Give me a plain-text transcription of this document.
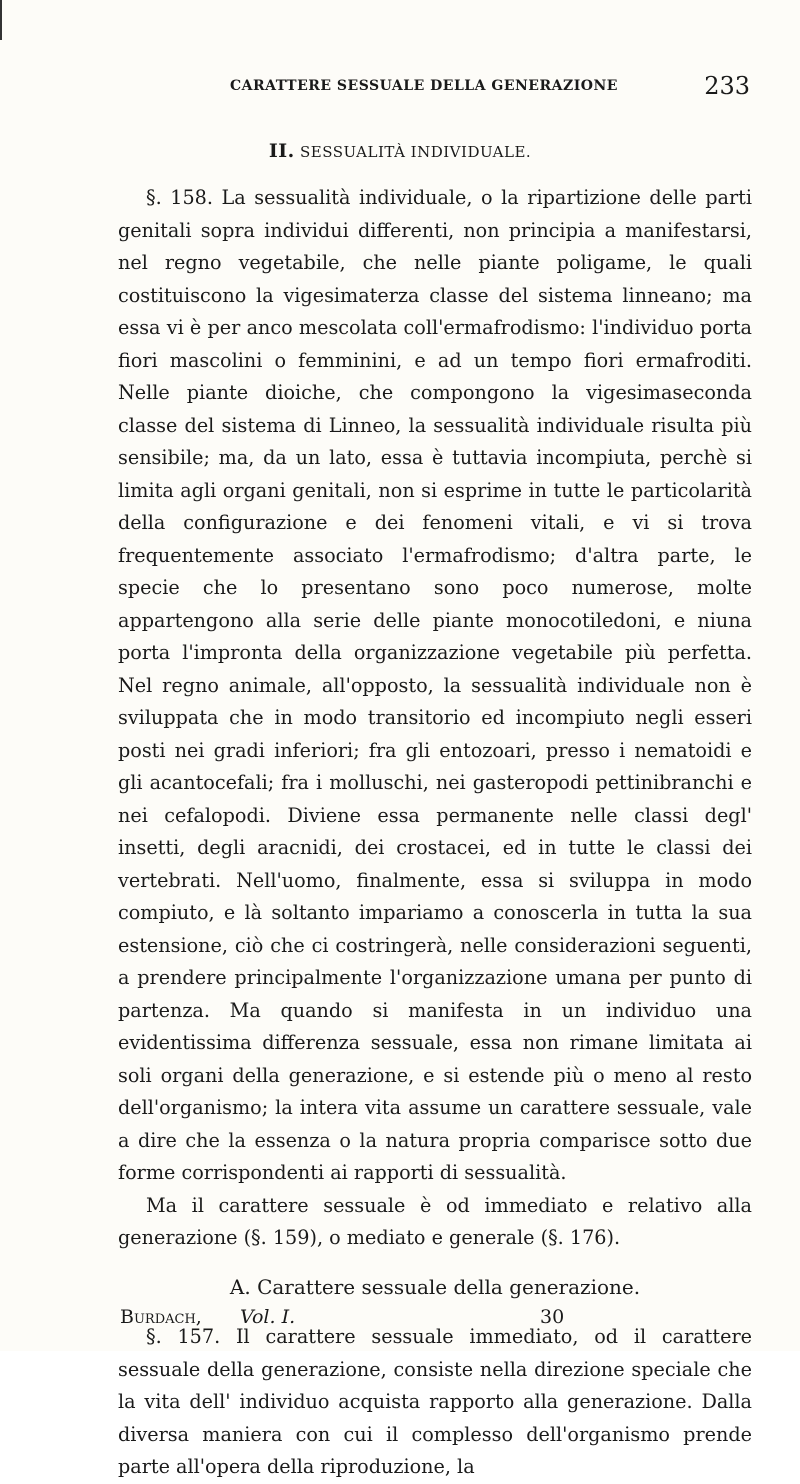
CARATTERE SESSUALE DELLA GENERAZIONE	233
II. SESSUALITÀ INDIVIDUALE.

§. 158. La sessualità individuale, o la ripartizione delle parti genitali sopra individui differenti, non principia a manifestarsi, nel regno vegetabile, che nelle piante poligame, le quali costituiscono la vigesimaterza classe del sistema linneano; ma essa vi è per anco mescolata coll'ermafrodismo: l'individuo porta fiori mascolini o femminini, e ad un tempo fiori ermafroditi. Nelle piante dioiche, che compongono la vigesimaseconda classe del sistema di Linneo, la sessualità individuale risulta più sensibile; ma, da un lato, essa è tuttavia incompiuta, perchè si limita agli organi genitali, non si esprime in tutte le particolarità della configurazione e dei fenomeni vitali, e vi si trova frequentemente associato l'ermafrodismo; d'altra parte, le specie che lo presentano sono poco numerose, molte appartengono alla serie delle piante monocotiledoni, e niuna porta l'impronta della organizzazione vegetabile più perfetta. Nel regno animale, all'opposto, la sessualità individuale non è sviluppata che in modo transitorio ed incompiuto negli esseri posti nei gradi inferiori; fra gli entozoari, presso i nematoidi e gli acantocefali; fra i molluschi, nei gasteropodi pettinibranchi e nei cefalopodi. Diviene essa permanente nelle classi degl' insetti, degli aracnidi, dei crostacei, ed in tutte le classi dei vertebrati. Nell'uomo, finalmente, essa si sviluppa in modo compiuto, e là soltanto impariamo a conoscerla in tutta la sua estensione, ciò che ci costringerà, nelle considerazioni seguenti, a prendere principalmente l'organizzazione umana per punto di partenza. Ma quando si manifesta in un individuo una evidentissima differenza sessuale, essa non rimane limitata ai soli organi della generazione, e si estende più o meno al resto dell'organismo; la intera vita assume un carattere sessuale, vale a dire che la essenza o la natura propria comparisce sotto due forme corrispondenti ai rapporti di sessualità.

Ma il carattere sessuale è od immediato e relativo alla generazione (§. 159), o mediato e generale (§. 176).

A. Carattere sessuale della generazione.

§. 157. Il carattere sessuale immediato, od il carattere sessuale della generazione, consiste nella direzione speciale che la vita dell' individuo acquista rapporto alla generazione. Dalla diversa maniera con cui il complesso dell'organismo prende parte all'opera della riproduzione, la

Burdach, Vol. I.	30
